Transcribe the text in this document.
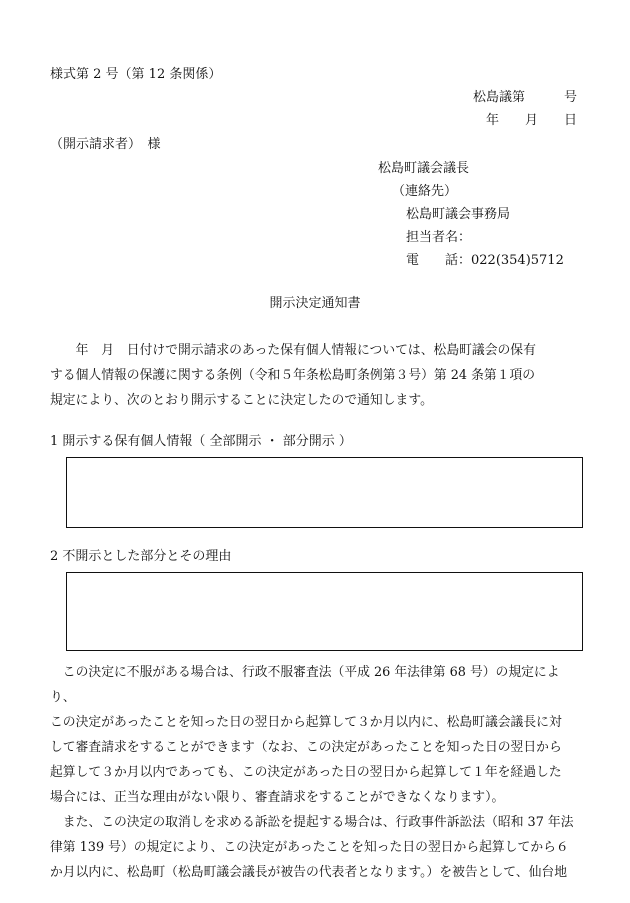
様式第 2 号（第 12 条関係）
松島議第　　　号
年　　月　　日
（開示請求者）　様
松島町議会議長
（連絡先）
松島町議会事務局
担当者名：
電　　話：022(354)5712
開示決定通知書

年　月　日付けで開示請求のあった保有個人情報については、松島町議会の保有

する個人情報の保護に関する条例（令和５年条松島町条例第３号）第 24 条第１項の

規定により、次のとおり開示することに決定したので通知します。

1 開示する保有個人情報（ 全部開示 ・ 部分開示 ）
2 不開示とした部分とその理由

この決定に不服がある場合は、行政不服審査法（平成 26 年法律第 68 号）の規定により、

この決定があったことを知った日の翌日から起算して３か月以内に、松島町議会議長に対

して審査請求をすることができます（なお、この決定があったことを知った日の翌日から

起算して３か月以内であっても、この決定があった日の翌日から起算して１年を経過した

場合には、正当な理由がない限り、審査請求をすることができなくなります）。

また、この決定の取消しを求める訴訟を提起する場合は、行政事件訴訟法（昭和 37 年法

律第 139 号）の規定により、この決定があったことを知った日の翌日から起算してから６

か月以内に、松島町（松島町議会議長が被告の代表者となります。）を被告として、仙台地
